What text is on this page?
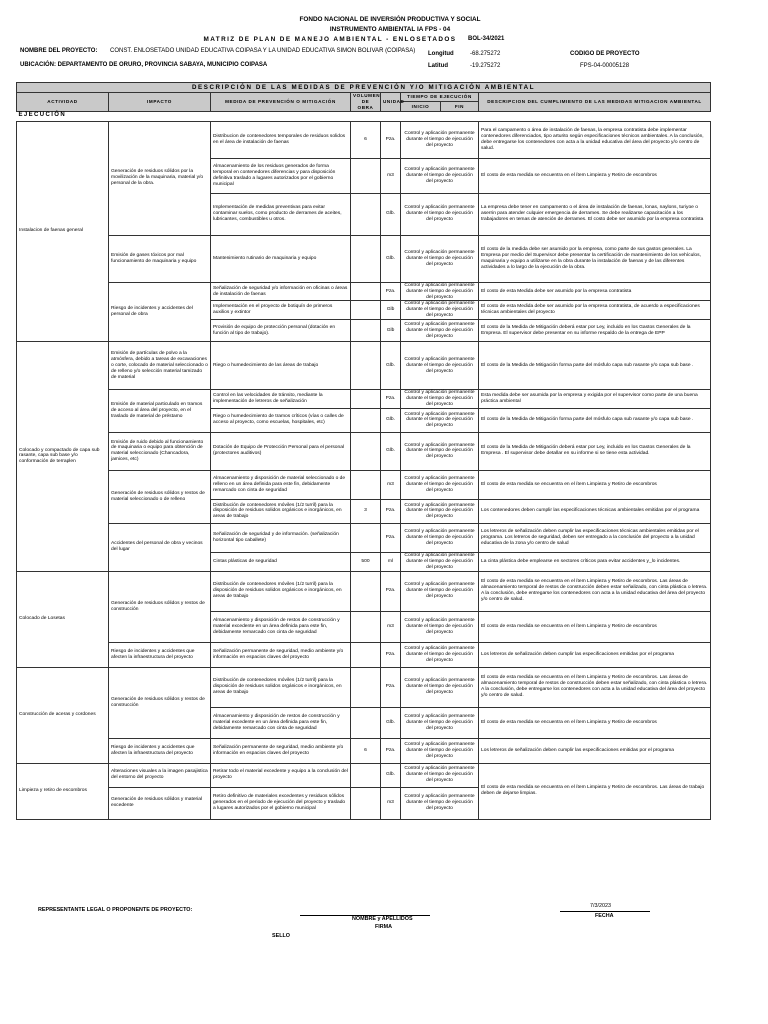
FONDO NACIONAL DE INVERSIÓN PRODUCTIVA Y SOCIAL
INSTRUMENTO AMBIENTAL IA FPS - 04
MATRIZ DE PLAN DE MANEJO AMBIENTAL - ENLOSETADOS	BOL-34/2021
NOMBRE DEL PROYECTO: CONST. ENLOSETADO UNIDAD EDUCATIVA COIPASA Y LA UNIDAD EDUCATIVA SIMON BOLIVAR (COIPASA) Longitud	-68.275272	CODIGO DE PROYECTO
UBICACIÓN: DEPARTAMENTO DE ORURO, PROVINCIA SABAYA, MUNICIPIO COIPASA	Latitud	-19.275272	FPS-04-00005128
DESCRIPCIÓN DE LAS MEDIDAS DE PREVENCIÓN Y/O MITIGACIÓN AMBIENTAL							
ACTIVIDAD	IMPACTO	MEDIDA DE PREVENCIÓN O MITIGACIÓN	VOLUMEN DE OBRA	UNIDAD	TIEMPO DE EJECUCIÓN		DESCRIPCION DEL CUMPLIMIENTO DE LAS MEDIDAS MITIGACION AMBIENTAL
					INICIO	FIN	
EJECUCIÓN							
Instalacion de faenas general	Generación de residuos sólidos por la movilización de la maquinaria, material y/o personal de la obra.	Distribucion de contenedores temporales de residuos solidos en el área de instalación de faenas	6	Pza.	Control y aplicación permanente durante el tiempo de ejecución del proyecto		Para el campamento o área de instalación de faenas, la empresa contratista debe implementar contenedores diferenciados, tipo arturito según especificaciones técnicos ambientales. A la conclusión, debe entregarse los contenedores con acta a la unidad educativa del área del proyecto y/o centro de salud.
		Almacenamiento de los residuos generados de forma temporal en contenedores diferencias y para disposición definitiva traslado a lugares autorizados por el gobierno municipal		m3	Control y aplicación permanente durante el tiempo de ejecución del proyecto		El costo de esta medida se encuentra en el ítem Limpieza y Retiro de escombros
		Implementación de medidas preventivas para evitar contaminar suelos, como producto de derrames de aceites, lubricantes, combustibles u otros.		Glb.	Control y aplicación permanente durante el tiempo de ejecución del proyecto		La empresa debe tener en campamento o el área de instalación de faenas, lonas, naylons, turiyoe o aserrin para atender culquier emergencia de derrames. Se debe realizarse capacitación a los trabajadores en temas de atención de derrames. El costo debe ser asumido por la empresa contratista
	Emisión de gases tóxicos por mal funcionamiento de maquinaria y equipo	Mantenimiento rutinario de maquinaria y equipo		Glb.	Control y aplicación permanente durante el tiempo de ejecución del proyecto		El costo de la medida debe ser asumido por la empresa, como parte de sus gastos generales. La Empresa por medio del Supervisor debe presentar la certificación de mantenimiento de los vehículos, maquinaria y equipo a utilizarse en la obra durante la instalación de faenas y de las diferentes actividades a lo largo de la ejecución de la obra.
	Riesgo de incidentes y accidentes del personal de obra	Señalización de seguridad y/o información en oficinas o áreas de instalación de faenas		Pza.	Control y aplicación permanente durante el tiempo de ejecución del proyecto		El costo de esta Medida debe ser asumido por la empresa contratista
		Implementación en el proyecto de botiquín de primeros auxilios y extintor		Glb	Control y aplicación permanente durante el tiempo de ejecución del proyecto		El costo de esta Medida debe ser asumido por la empresa contratista, de acuerdo a especificaciones técnicas ambientales del proyecto
		Provisión de equipo de protección personal (dotación en función al tipo de trabajo).		Glb	Control y aplicación permanente durante el tiempo de ejecución del proyecto		El costo de la Medida de Mitigación deberá estar por Ley, incluido en los Gastos Generales de la Empresa. El supervisor debe presentar en su informe respaldo de la entrega de EPP
Colocado y compactado de capa sub rasante, capa sub base y/o conformación de terraplen	Emisión de partículas de polvo a la atmósfera, debido a tareas de excavaciones o corte, colocado de material seleccionado o de relleno y/o selección material tamizado de material	Riego o humedecimiento de las áreas de trabajo		Glb.	Control y aplicación permanente durante el tiempo de ejecución del proyecto		El costo de la Medida de Mitigación forma parte del mósfulo capa sub rasante y/o capa sub base .
	Emisión de material particulado en tramos de acceso al área del proyecto, en el traslado de material de préstamo	Control en las velocidades de tránsito, mediante la implementación de letreros de señalización		Pza.	Control y aplicación permanente durante el tiempo de ejecución del proyecto		Esta medida debe ser asumida por la empresa y exigida por el supervisor como parte de una buena práctica ambiental
		Riego o humedecimiento de tramos críticos (vías o calles de acceso al proyecto, como escuelas, hospitales, etc)		Glb.	Control y aplicación permanente durante el tiempo de ejecución del proyecto		El costo de la Medida de Mitigación forma parte del mósfulo capa sub rasante y/o capa sub base .
	Emisión de ruido debido al funcionamiento de maquinaria o equipo para obtención de material seleccionado (Chancadora, jamices, etc)	Dotación de Equipo de Protección Personal para el personal (protectores auditivos)		Glb.	Control y aplicación permanente durante el tiempo de ejecución del proyecto		El costo de la Medida de Mitigación deberá estar por Ley, incluido en los Gastos Generales de la Empresa . El supervisor debe detallar en su informe si se tiene esta actividad.
	Generación de residuos sólidos y restos de material seleccionado o de relleno	Almacenamiento y disposición de material seleccionado o de relleno en un área definida para este fin, debidamente remarcado con cinta de seguridad		m3	Control y aplicación permanente durante el tiempo de ejecución del proyecto		El costo de esta medida se encuentra en el ítem Limpieza y Retiro de escombros
		Distribución de contenedores móviles (1/2 turril) para la disposición de residuos solidos orgánicos e inorgánicos, en areas de trabajo	3	Pza.	Control y aplicación permanente durante el tiempo de ejecución del proyecto		Los contenedores deben cumplir las especificaciones técnicas ambientales emitidas por el programa
	Accidentes del personal de obra y vecinos del lugar	Señalización de seguridad y de información. (señalización horizontal tipo caballete)		Pza.	Control y aplicación permanente durante el tiempo de ejecución del proyecto		Los letreros de señalización deben cumplir las especificaciones técnicas ambientales emitidas por el programa. Los letreros de seguridad, deben ser entregado a la conclusión del proyecto a la unidad educativa de la zona y/o centro de salud
		Cintas plásticas de seguridad	500	ml	Control y aplicación permanente durante el tiempo de ejecución del proyecto		La cinta plástica debe emplearse en sectores críticos para evitar accidentes y_lo incidentes.
Colocado de Losetas	Generación de residuos sólidos y restos de construcción	Distribución de contenedores móviles (1/2 turril) para la disposición de residuos solidos orgánicos e inorgánicos, en areas de trabajo		Pza.	Control y aplicación permanente durante el tiempo de ejecución del proyecto		El costo de esta medida se encuentra en el ítem Limpieza y Retiro de escombros. Las áreas de almacenamiento temporal de restos de construcción deben estar señalizado, con cinta plástica o letrera. A la conclusión, debe entregarse los contenedores con acta a la unidad educativa del área del proyecto y/o centro de salud.
		Almacenamiento y disposición de restos de construcción y material excedente en un área definida para este fin, debidamente remarcado con cinta de seguridad		m3	Control y aplicación permanente durante el tiempo de ejecución del proyecto		El costo de esta medida se encuentra en el ítem Limpieza y Retiro de escombros
	Riesgo de incidentes y accidentes que afecten la infraestructura del proyecto	Señalización permanente de seguridad, medio ambiente y/o información en espacios claves del proyecto		Pza.	Control y aplicación permanente durante el tiempo de ejecución del proyecto		Los letreros de señalización deben cumplir las especificaciones emitidas por el programa
Construcción de aceras y cordones	Generación de residuos sólidos y restos de construcción	Distribución de contenedores móviles (1/2 turril) para la disposición de residuos solidos orgánicos e inorgánicos, en areas de trabajo		Pza.	Control y aplicación permanente durante el tiempo de ejecución del proyecto		El costo de esta medida se encuentra en el ítem Limpieza y Retiro de escombros. Las áreas de almacenamiento temporal de restos de construcción deben estar señalizado, con cinta plástica o letrera. A la conclusión, debe entregarse los contenedores con acta a la unidad educativa del área del proyecto y/o centro de salud.
		Almacenamiento y disposición de restos de construcción y material excedente en un área definida para este fin, debidamente remarcado con cinta de seguridad		Glb.	Control y aplicación permanente durante el tiempo de ejecución del proyecto		El costo de esta medida se encuentra en el ítem Limpieza y Retiro de escombros
	Riesgo de incidentes y accidentes que afecten la infraestructura del proyecto	Señalización permanente de seguridad, medio ambiente y/o información en espacios claves del proyecto	6	Pza.	Control y aplicación permanente durante el tiempo de ejecución del proyecto		Los letreros de señalización deben cumplir las especificaciones emitidas por el programa
Limpieza y retiro de escombros	Alteraciones visuales a la imagen pasajistica del entorno del proyecto	Retirar todo el material excedente y equipo a la conclusión del proyecto		Glb.	Control y aplicación permanente durante el tiempo de ejecución del proyecto		El costo de esta medida se encuentra en el ítem Limpieza y Retiro de escombros. Las áreas de trabajo deben de dejarse limpias.
	Generación de residuos sólidos y material excedente	Retiro definitivo de materiales excedentes y residuos sólidos generados en el periodo de ejecución del proyecto y traslado a lugares autorizados por el gobierno municipal		m3	Control y aplicación permanente durante el tiempo de ejecución del proyecto		
REPRESENTANTE LEGAL O PROPONENTE DE PROYECTO:
NOMBRE y APELLIDOS
FIRMA
7/3/2023
FECHA
SELLO
